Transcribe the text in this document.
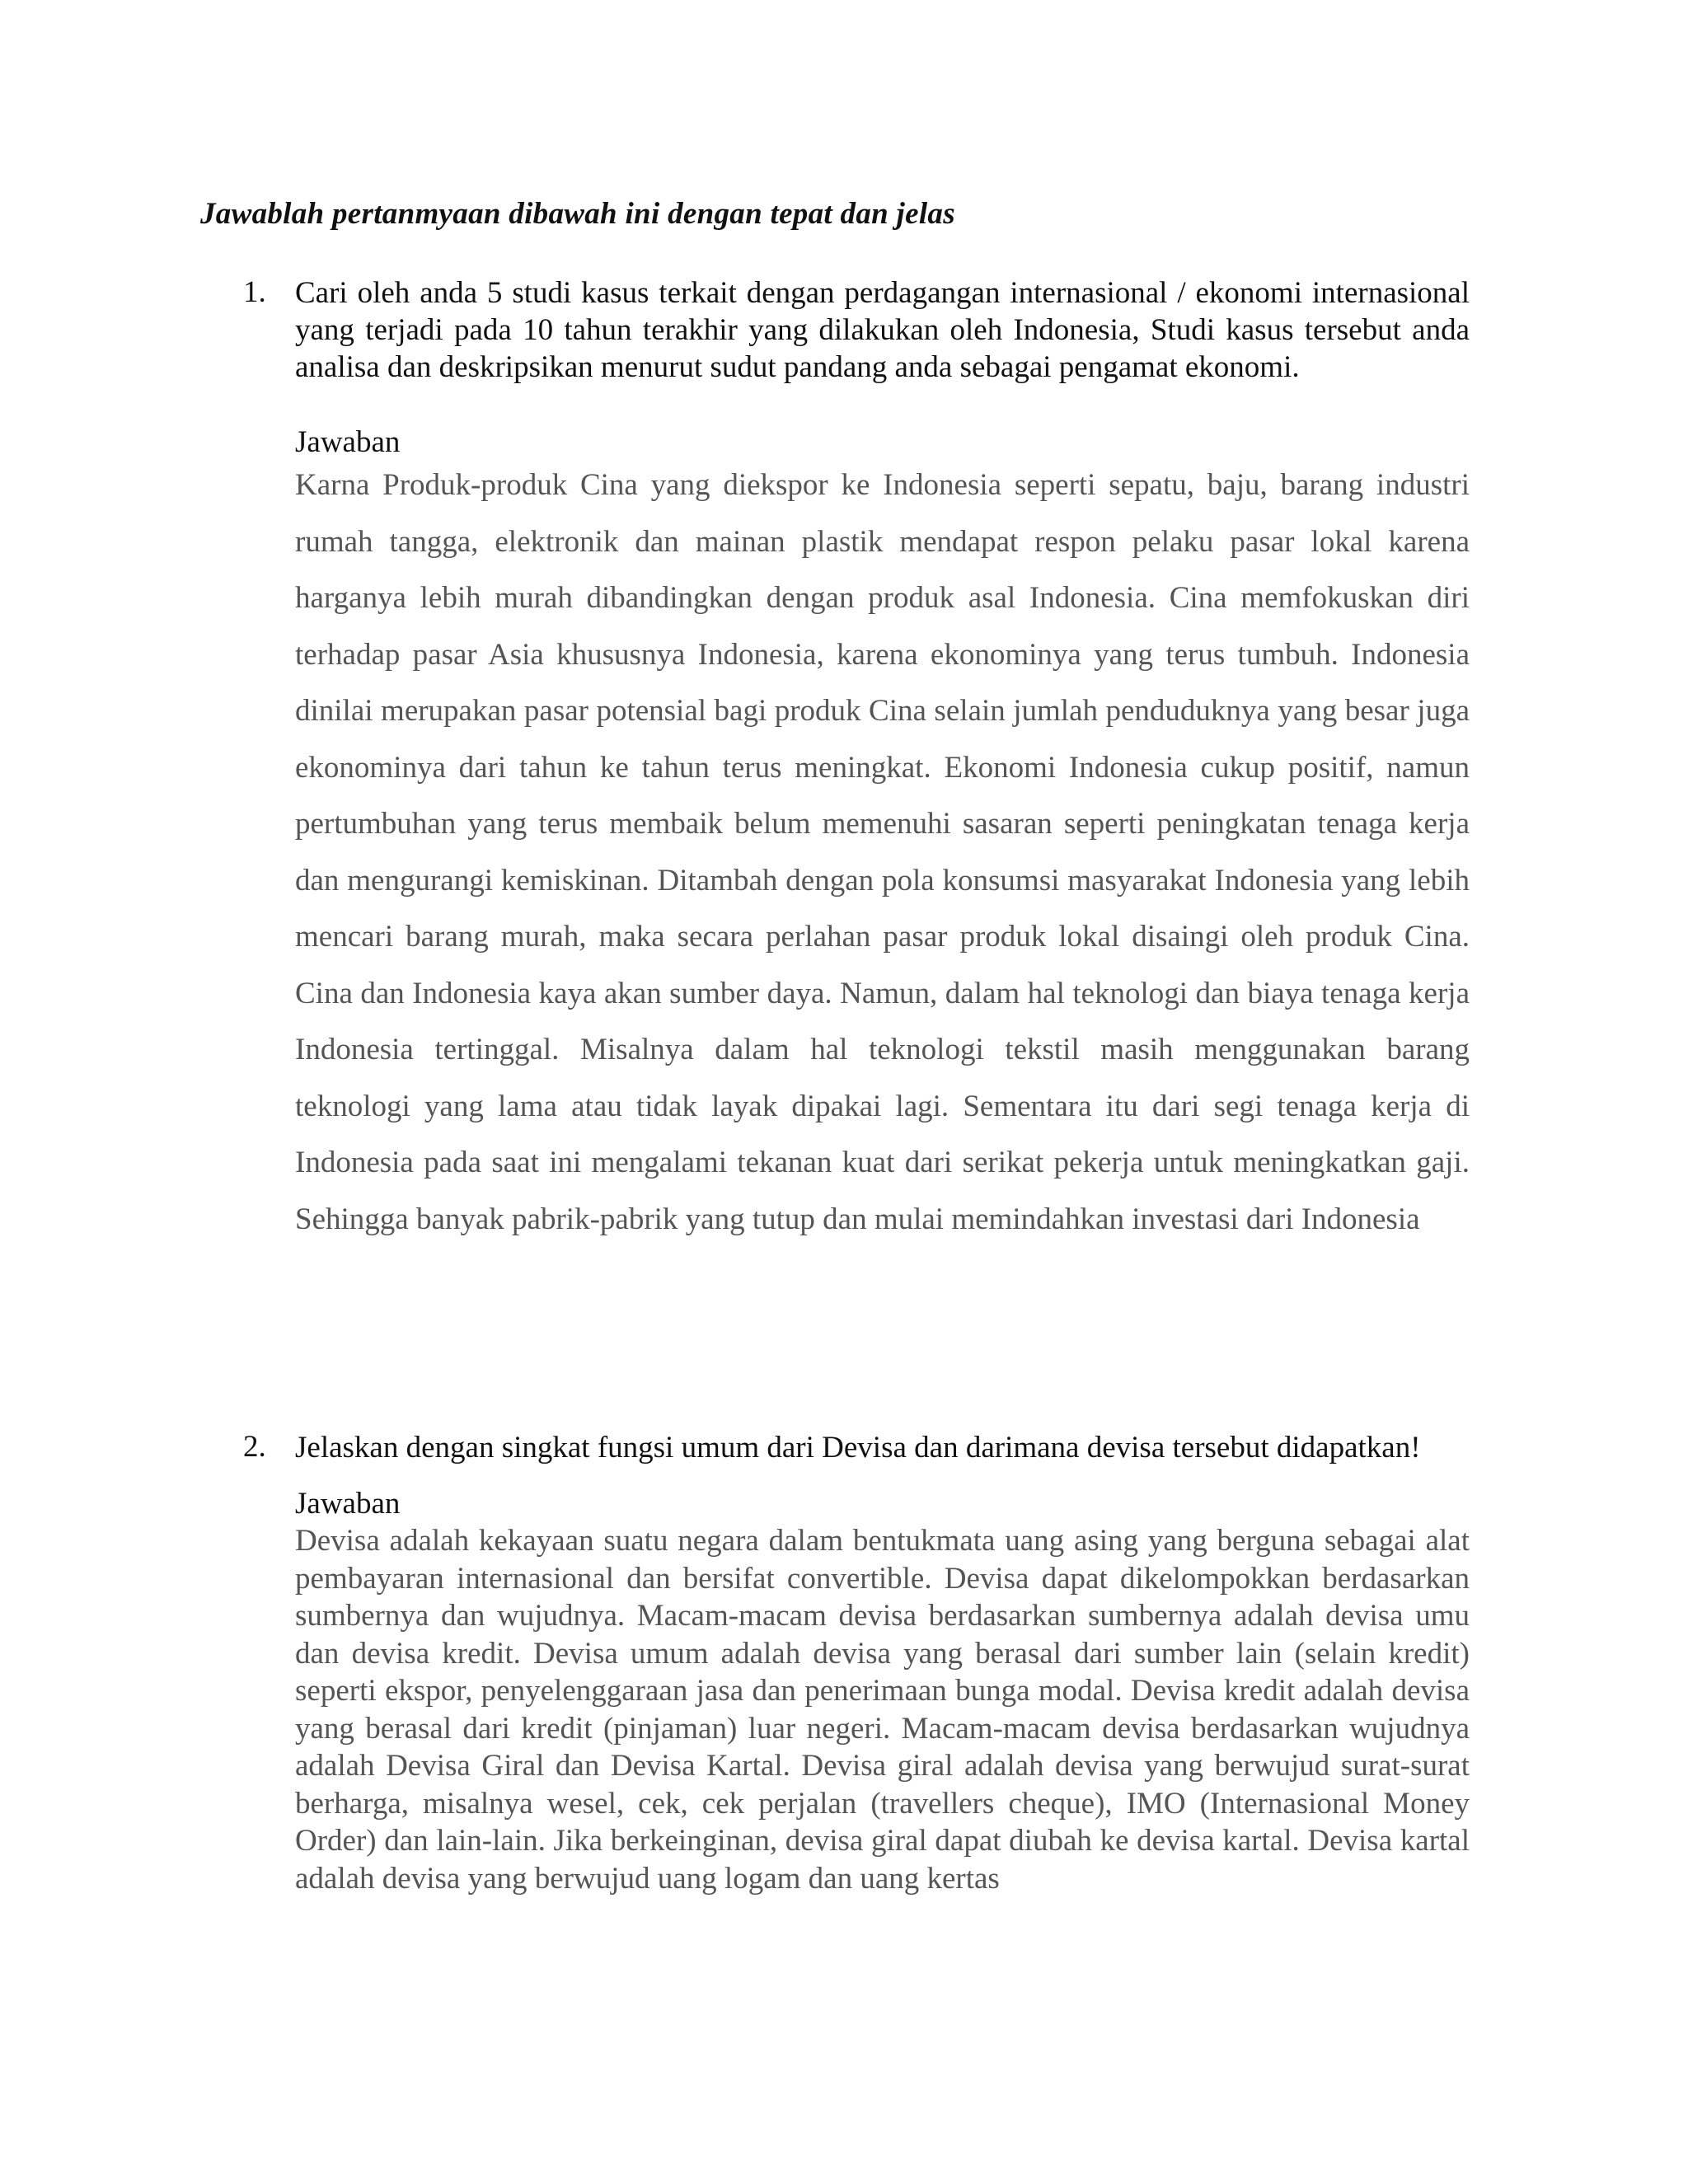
Jawablah pertanmyaan dibawah ini dengan tepat dan jelas
1. Cari oleh anda 5 studi kasus terkait dengan perdagangan internasional / ekonomi internasional yang terjadi pada 10 tahun terakhir yang dilakukan oleh Indonesia, Studi kasus tersebut anda analisa dan deskripsikan menurut sudut pandang anda sebagai pengamat ekonomi.

Jawaban

Karna Produk-produk Cina yang diekspor ke Indonesia seperti sepatu, baju, barang industri rumah tangga, elektronik dan mainan plastik mendapat respon pelaku pasar lokal karena harganya lebih murah dibandingkan dengan produk asal Indonesia. Cina memfokuskan diri terhadap pasar Asia khususnya Indonesia, karena ekonominya yang terus tumbuh. Indonesia dinilai merupakan pasar potensial bagi produk Cina selain jumlah penduduknya yang besar juga ekonominya dari tahun ke tahun terus meningkat. Ekonomi Indonesia cukup positif, namun pertumbuhan yang terus membaik belum memenuhi sasaran seperti peningkatan tenaga kerja dan mengurangi kemiskinan. Ditambah dengan pola konsumsi masyarakat Indonesia yang lebih mencari barang murah, maka secara perlahan pasar produk lokal disaingi oleh produk Cina. Cina dan Indonesia kaya akan sumber daya. Namun, dalam hal teknologi dan biaya tenaga kerja Indonesia tertinggal. Misalnya dalam hal teknologi tekstil masih menggunakan barang teknologi yang lama atau tidak layak dipakai lagi. Sementara itu dari segi tenaga kerja di Indonesia pada saat ini mengalami tekanan kuat dari serikat pekerja untuk meningkatkan gaji. Sehingga banyak pabrik-pabrik yang tutup dan mulai memindahkan investasi dari Indonesia

2. Jelaskan dengan singkat fungsi umum dari Devisa dan darimana devisa tersebut didapatkan!

Jawaban

Devisa adalah kekayaan suatu negara dalam bentukmata uang asing yang berguna sebagai alat pembayaran internasional dan bersifat convertible. Devisa dapat dikelompokkan berdasarkan sumbernya dan wujudnya. Macam-macam devisa berdasarkan sumbernya adalah devisa umu dan devisa kredit. Devisa umum adalah devisa yang berasal dari sumber lain (selain kredit) seperti ekspor, penyelenggaraan jasa dan penerimaan bunga modal. Devisa kredit adalah devisa yang berasal dari kredit (pinjaman) luar negeri. Macam-macam devisa berdasarkan wujudnya adalah Devisa Giral dan Devisa Kartal. Devisa giral adalah devisa yang berwujud surat-surat berharga, misalnya wesel, cek, cek perjalan (travellers cheque), IMO (Internasional Money Order) dan lain-lain. Jika berkeinginan, devisa giral dapat diubah ke devisa kartal. Devisa kartal adalah devisa yang berwujud uang logam dan uang kertas
